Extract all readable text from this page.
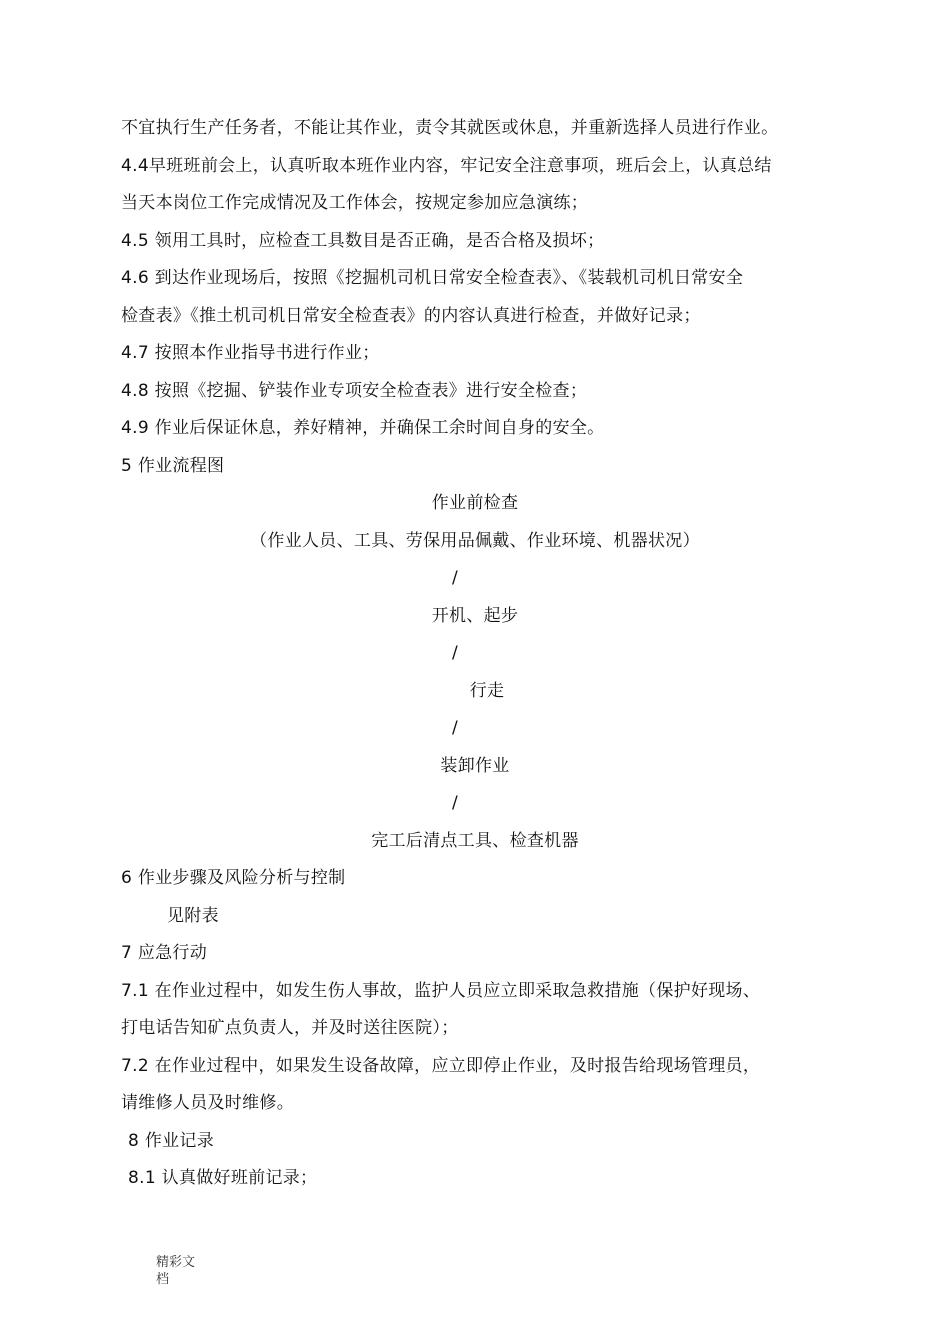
不宜执行生产任务者，不能让其作业，责令其就医或休息，并重新选择人员进行作业。
4.4早班班前会上，认真听取本班作业内容，牢记安全注意事项，班后会上，认真总结
当天本岗位工作完成情况及工作体会，按规定参加应急演练；
4.5 领用工具时，应检查工具数目是否正确，是否合格及损坏；
4.6 到达作业现场后，按照《挖掘机司机日常安全检查表》、《装载机司机日常安全
检查表》《推土机司机日常安全检查表》的内容认真进行检查，并做好记录；
4.7 按照本作业指导书进行作业；
4.8 按照《挖掘、铲装作业专项安全检查表》进行安全检查；
4.9 作业后保证休息，养好精神，并确保工余时间自身的安全。
5 作业流程图
作业前检查
（作业人员、工具、劳保用品佩戴、作业环境、机器状况）
/
开机、起步
/
行走
/
装卸作业
/
完工后清点工具、检查机器
6 作业步骤及风险分析与控制
见附表
7 应急行动
7.1 在作业过程中，如发生伤人事故，监护人员应立即采取急救措施（保护好现场、
打电话告知矿点负责人，并及时送往医院）；
7.2 在作业过程中，如果发生设备故障，应立即停止作业，及时报告给现场管理员，
请维修人员及时维修。
8 作业记录
8.1 认真做好班前记录；
精彩文档
